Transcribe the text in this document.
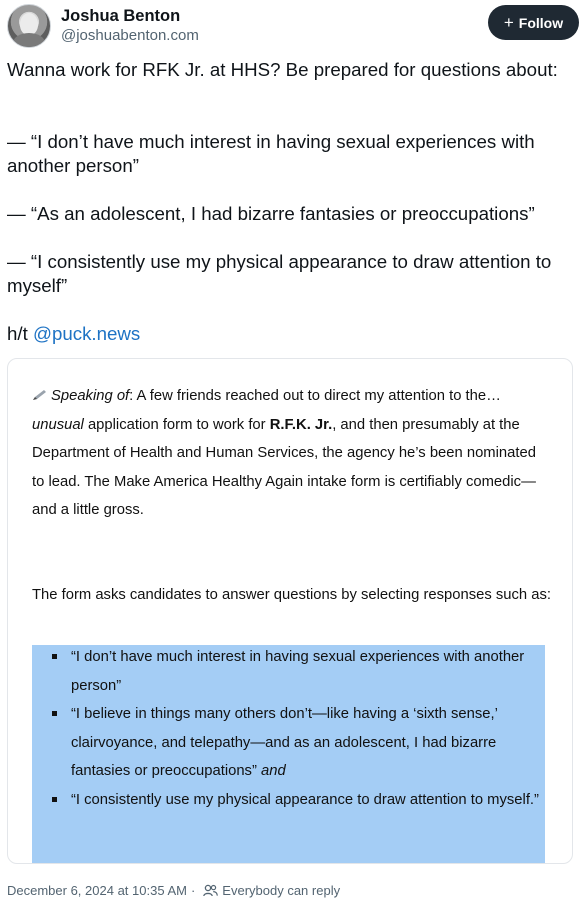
Joshua Benton
@joshuabenton.com
+ Follow

Wanna work for RFK Jr. at HHS? Be prepared for questions about:

— “I don’t have much interest in having sexual experiences with another person”

— “As an adolescent, I had bizarre fantasies or preoccupations”

— “I consistently use my physical appearance to draw attention to myself”

h/t @puck.news

Speaking of: A few friends reached out to direct my attention to the… unusual application form to work for R.F.K. Jr., and then presumably at the Department of Health and Human Services, the agency he’s been nominated to lead. The Make America Healthy Again intake form is certifiably comedic—and a little gross.
The form asks candidates to answer questions by selecting responses such as:
“I don’t have much interest in having sexual experiences with another person”
“I believe in things many others don’t—like having a ‘sixth sense,’ clairvoyance, and telepathy—and as an adolescent, I had bizarre fantasies or preoccupations” and
“I consistently use my physical appearance to draw attention to myself.”
December 6, 2024 at 10:35 AM · Everybody can reply
